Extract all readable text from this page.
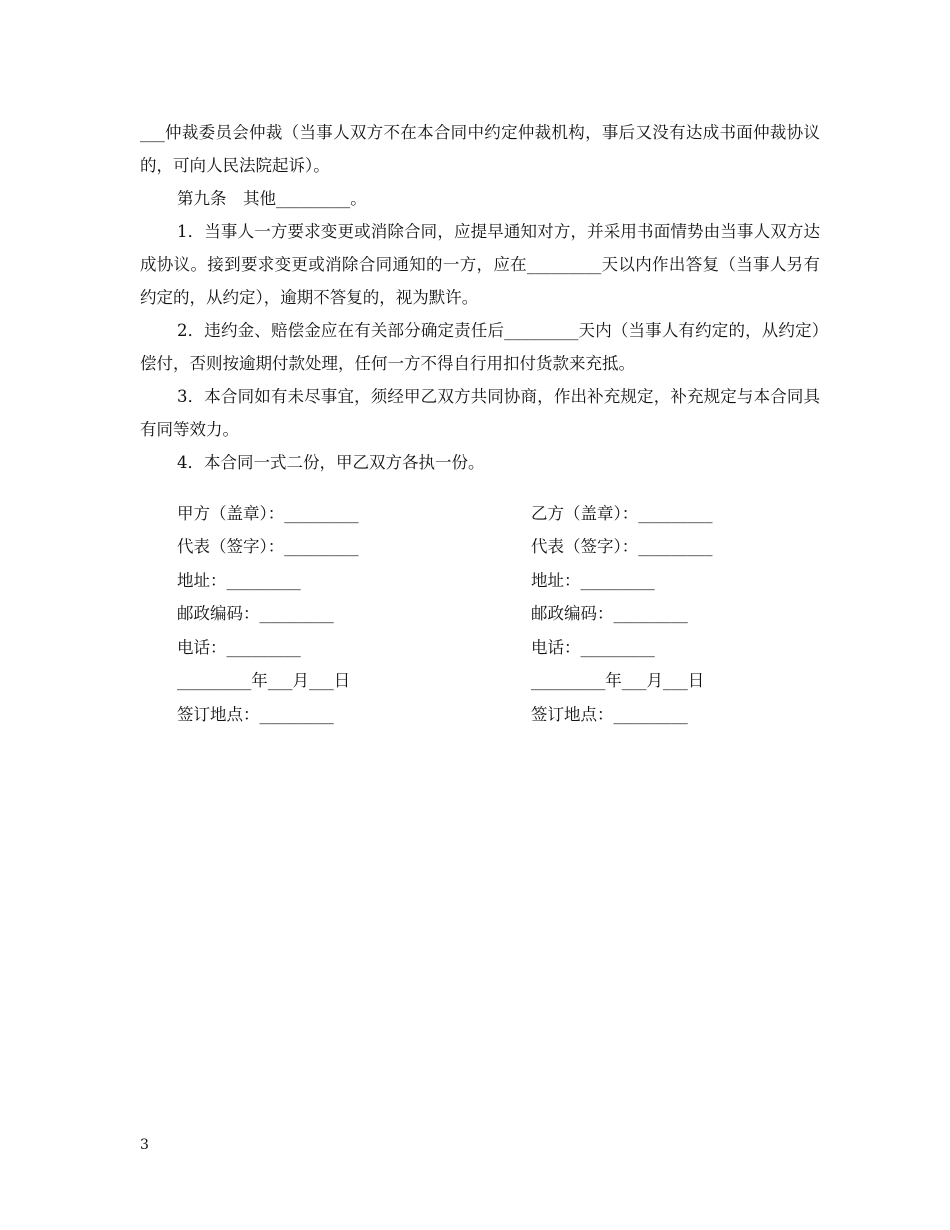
___仲裁委员会仲裁（当事人双方不在本合同中约定仲裁机构，事后又没有达成书面仲裁协议的，可向人民法院起诉）。

第九条　其他_________。

1．当事人一方要求变更或消除合同，应提早通知对方，并采用书面情势由当事人双方达成协议。接到要求变更或消除合同通知的一方，应在_________天以内作出答复（当事人另有约定的，从约定），逾期不答复的，视为默许。

2．违约金、赔偿金应在有关部分确定责任后_________天内（当事人有约定的，从约定）偿付，否则按逾期付款处理，任何一方不得自行用扣付货款来充抵。

3．本合同如有未尽事宜，须经甲乙双方共同协商，作出补充规定，补充规定与本合同具有同等效力。

4．本合同一式二份，甲乙双方各执一份。

甲方（盖章）：_________	乙方（盖章）：_________
代表（签字）：_________	代表（签字）：_________
地址：_________	地址：_________
邮政编码：_________	邮政编码：_________
电话：_________	电话：_________
_________年___月___日	_________年___月___日
签订地点：_________	签订地点：_________
3
